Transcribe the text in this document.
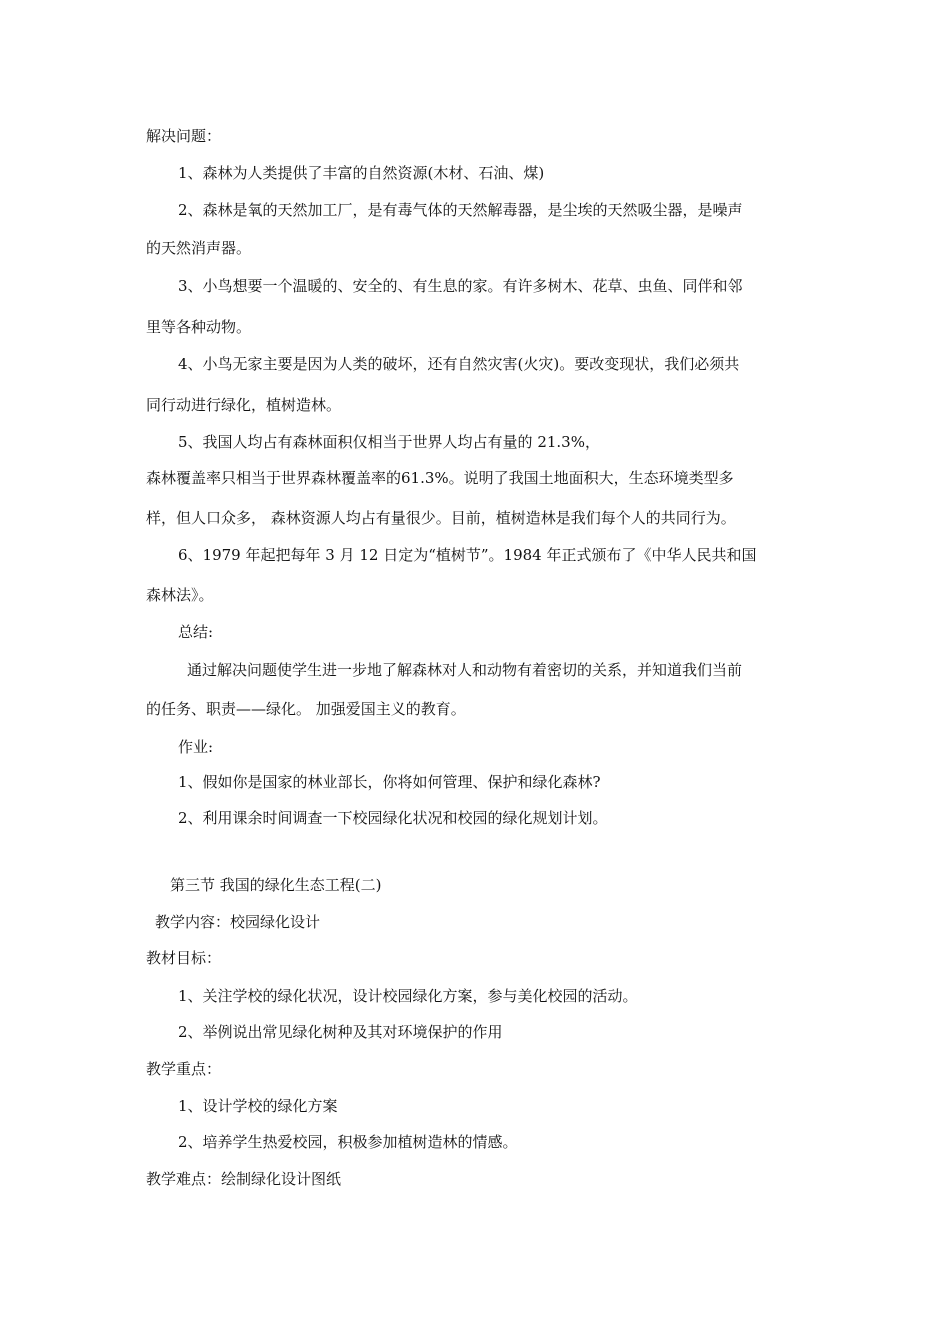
解决问题：
1、森林为人类提供了丰富的自然资源(木材、石油、煤)
2、森林是氧的天然加工厂，是有毒气体的天然解毒器，是尘埃的天然吸尘器，是噪声
的天然消声器。
3、小鸟想要一个温暖的、安全的、有生息的家。有许多树木、花草、虫鱼、同伴和邻
里等各种动物。
4、小鸟无家主要是因为人类的破坏，还有自然灾害(火灾)。要改变现状，我们必须共
同行动进行绿化，植树造林。
5、我国人均占有森林面积仅相当于世界人均占有量的 21.3%，
森林覆盖率只相当于世界森林覆盖率的61.3%。说明了我国土地面积大，生态环境类型多
样，但人口众多， 森林资源人均占有量很少。目前，植树造林是我们每个人的共同行为。
6、1979 年起把每年 3 月 12 日定为“植树节”。1984 年正式颁布了《中华人民共和国
森林法》。
总结:
通过解决问题使学生进一步地了解森林对人和动物有着密切的关系，并知道我们当前
的任务、职责——绿化。 加强爱国主义的教育。
作业:
1、假如你是国家的林业部长，你将如何管理、保护和绿化森林?
2、利用课余时间调查一下校园绿化状况和校园的绿化规划计划。
第三节 我国的绿化生态工程(二)
教学内容：校园绿化设计
教材目标：
1、关注学校的绿化状况，设计校园绿化方案，参与美化校园的活动。
2、举例说出常见绿化树种及其对环境保护的作用
教学重点：
1、设计学校的绿化方案
2、培养学生热爱校园，积极参加植树造林的情感。
教学难点：绘制绿化设计图纸
